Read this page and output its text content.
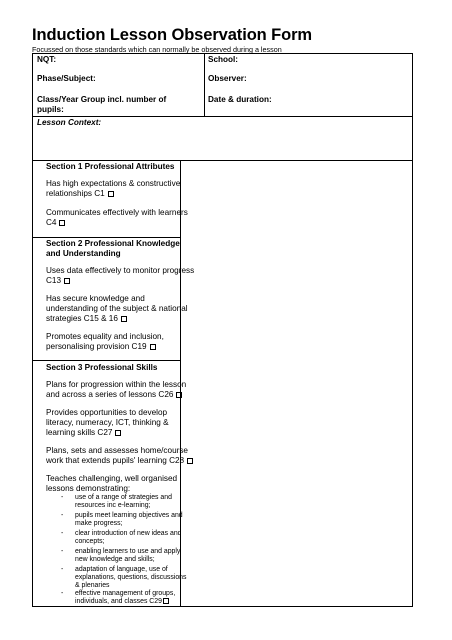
Induction Lesson Observation Form
Focussed on those standards which can normally be observed during a lesson
NQT:	School:
Phase/Subject:	Observer:
Class/Year Group incl. number of
pupils:
Date & duration:
Lesson Context:
Section 1 Professional Attributes
Has high expectations & constructive
relationships C1
Communicates effectively with learners
C4
Section 2 Professional Knowledge
and Understanding
Uses data effectively to monitor progress
C13
Has secure knowledge and
understanding of the subject & national
strategies C15 & 16
Promotes equality and inclusion,
personalising provision C19
Section 3 Professional Skills
Plans for progression within the lesson
and across a series of lessons C26
Provides opportunities to develop
literacy, numeracy, ICT, thinking &
learning skills C27
Plans, sets and assesses home/course
work that extends pupils' learning C28
Teaches challenging, well organised
lessons demonstrating:
- use of a range of strategies and
resources inc e-learning;
- pupils meet learning objectives and
make progress;
- clear introduction of new ideas and
concepts;
- enabling learners to use and apply
new knowledge and skills;
- adaptation of language, use of
explanations, questions, discussions
& plenaries
- effective management of groups,
individuals, and classes C29
